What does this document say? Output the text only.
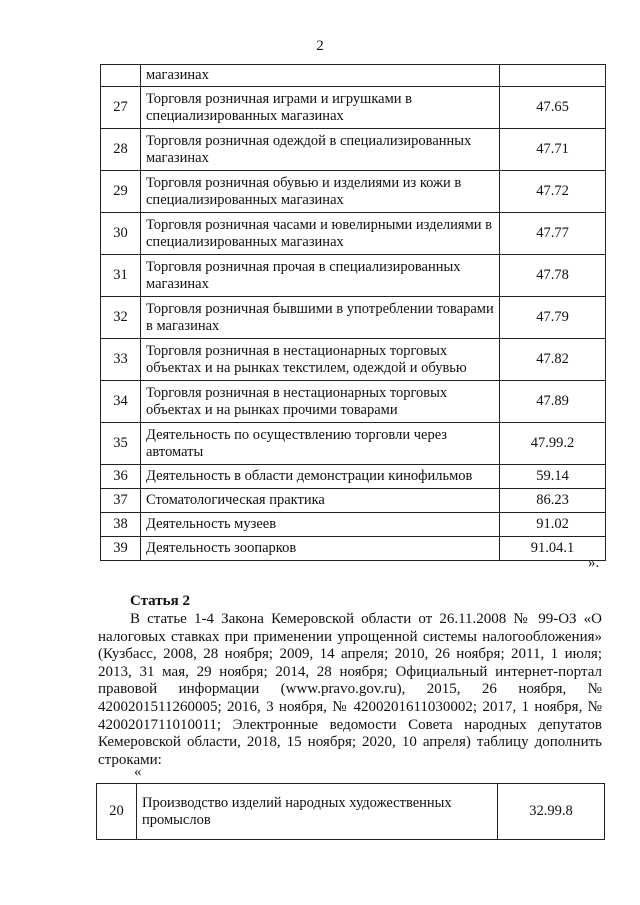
2
	магазинах	
27	Торговля розничная играми и игрушками в специализированных магазинах	47.65
28	Торговля розничная одеждой в специализированных магазинах	47.71
29	Торговля розничная обувью и изделиями из кожи в специализированных магазинах	47.72
30	Торговля розничная часами и ювелирными изделиями в специализированных магазинах	47.77
31	Торговля розничная прочая в специализированных магазинах	47.78
32	Торговля розничная бывшими в употреблении товарами в магазинах	47.79
33	Торговля розничная в нестационарных торговых объектах и на рынках текстилем, одеждой и обувью	47.82
34	Торговля розничная в нестационарных торговых объектах и на рынках прочими товарами	47.89
35	Деятельность по осуществлению торговли через автоматы	47.99.2
36	Деятельность в области демонстрации кинофильмов	59.14
37	Стоматологическая практика	86.23
38	Деятельность музеев	91.02
39	Деятельность зоопарков	91.04.1
».
Статья 2

В статье 1-4 Закона Кемеровской области от 26.11.2008 № 99-ОЗ «О налоговых ставках при применении упрощенной системы налогообложения» (Кузбасс, 2008, 28 ноября; 2009, 14 апреля; 2010, 26 ноября; 2011, 1 июля; 2013, 31 мая, 29 ноября; 2014, 28 ноября; Официальный интернет-портал правовой информации (www.pravo.gov.ru), 2015, 26 ноября, № 4200201511260005; 2016, 3 ноября, № 4200201611030002; 2017, 1 ноября, № 4200201711010011; Электронные ведомости Совета народных депутатов Кемеровской области, 2018, 15 ноября; 2020, 10 апреля) таблицу дополнить строками:

«
20	Производство изделий народных художественных промыслов	32.99.8
